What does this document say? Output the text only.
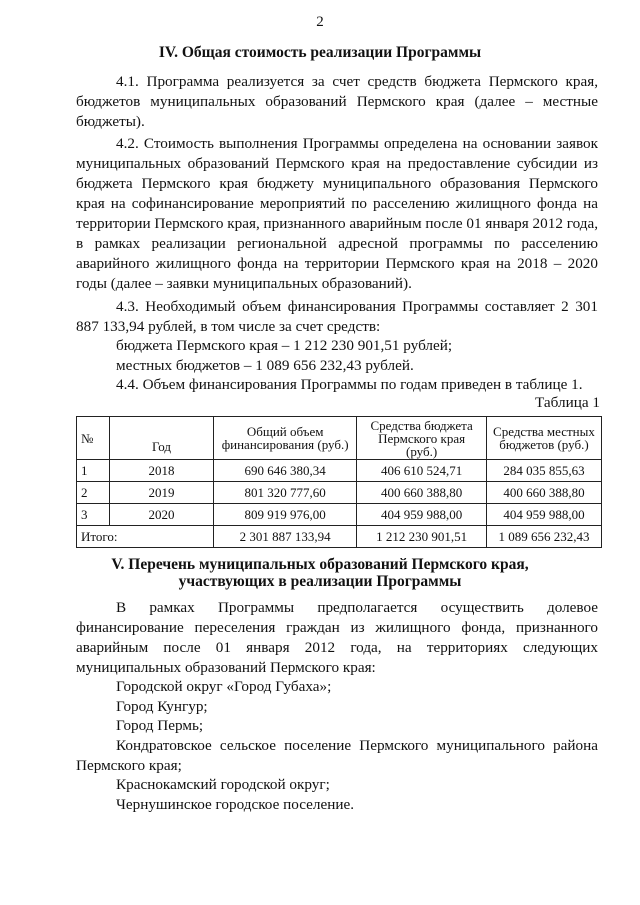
2
IV. Общая стоимость реализации Программы

4.1. Программа реализуется за счет средств бюджета Пермского края, бюджетов муниципальных образований Пермского края (далее – местные бюджеты).

4.2. Стоимость выполнения Программы определена на основании заявок муниципальных образований Пермского края на предоставление субсидии из бюджета Пермского края бюджету муниципального образования Пермского края на софинансирование мероприятий по расселению жилищного фонда на территории Пермского края, признанного аварийным после 01 января 2012 года, в рамках реализации региональной адресной программы по расселению аварийного жилищного фонда на территории Пермского края на 2018 – 2020 годы (далее – заявки муниципальных образований).

4.3. Необходимый объем финансирования Программы составляет 2 301 887 133,94 рублей, в том числе за счет средств:

бюджета Пермского края – 1 212 230 901,51 рублей;
местных бюджетов – 1 089 656 232,43 рублей.
4.4. Объем финансирования Программы по годам приведен в таблице 1.
Таблица 1
№	Год	Общий объем финансирования (руб.)	Средства бюджета Пермского края (руб.)	Средства местных бюджетов (руб.)
1	2018	690 646 380,34	406 610 524,71	284 035 855,63
2	2019	801 320 777,60	400 660 388,80	400 660 388,80
3	2020	809 919 976,00	404 959 988,00	404 959 988,00
Итого:		2 301 887 133,94	1 212 230 901,51	1 089 656 232,43
V. Перечень муниципальных образований Пермского края,
участвующих в реализации Программы

В рамках Программы предполагается осуществить долевое финансирование переселения граждан из жилищного фонда, признанного аварийным после 01 января 2012 года, на территориях следующих муниципальных образований Пермского края:

Городской округ «Город Губаха»;
Город Кунгур;
Город Пермь;

Кондратовское сельское поселение Пермского муниципального района Пермского края;

Краснокамский городской округ;
Чернушинское городское поселение.
